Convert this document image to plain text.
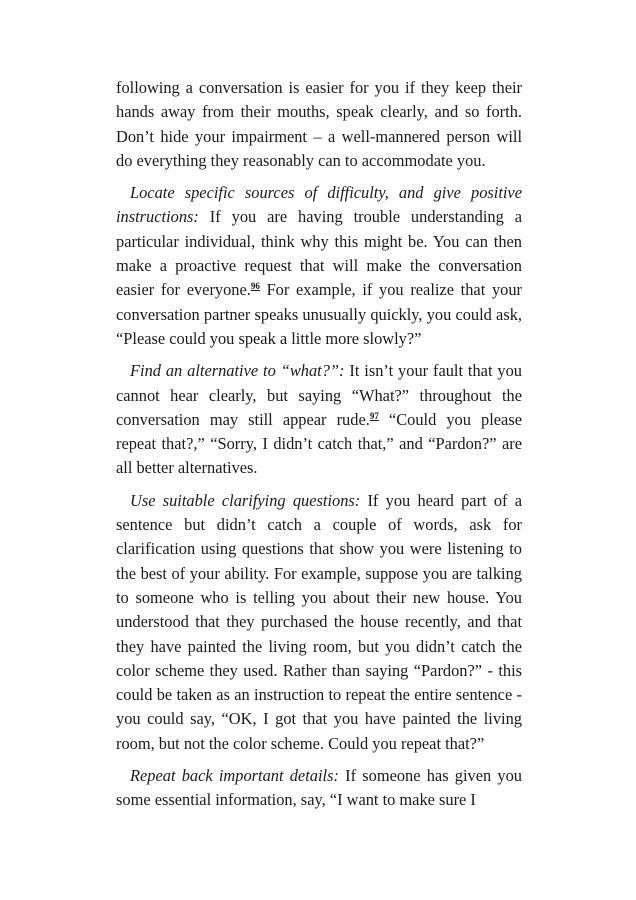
following a conversation is easier for you if they keep their hands away from their mouths, speak clearly, and so forth. Don’t hide your impairment – a well-mannered person will do everything they reasonably can to accommodate you.

Locate specific sources of difficulty, and give positive instructions: If you are having trouble understanding a particular individual, think why this might be. You can then make a proactive request that will make the conversation easier for everyone.$^{96}$ For example, if you realize that your conversation partner speaks unusually quickly, you could ask, “Please could you speak a little more slowly?”

Find an alternative to “what?”: It isn’t your fault that you cannot hear clearly, but saying “What?” throughout the conversation may still appear rude.$^{97}$ “Could you please repeat that?,” “Sorry, I didn’t catch that,” and “Pardon?” are all better alternatives.

Use suitable clarifying questions: If you heard part of a sentence but didn’t catch a couple of words, ask for clarification using questions that show you were listening to the best of your ability. For example, suppose you are talking to someone who is telling you about their new house. You understood that they purchased the house recently, and that they have painted the living room, but you didn’t catch the color scheme they used. Rather than saying “Pardon?” - this could be taken as an instruction to repeat the entire sentence - you could say, “OK, I got that you have painted the living room, but not the color scheme. Could you repeat that?”

Repeat back important details: If someone has given you some essential information, say, “I want to make sure I
